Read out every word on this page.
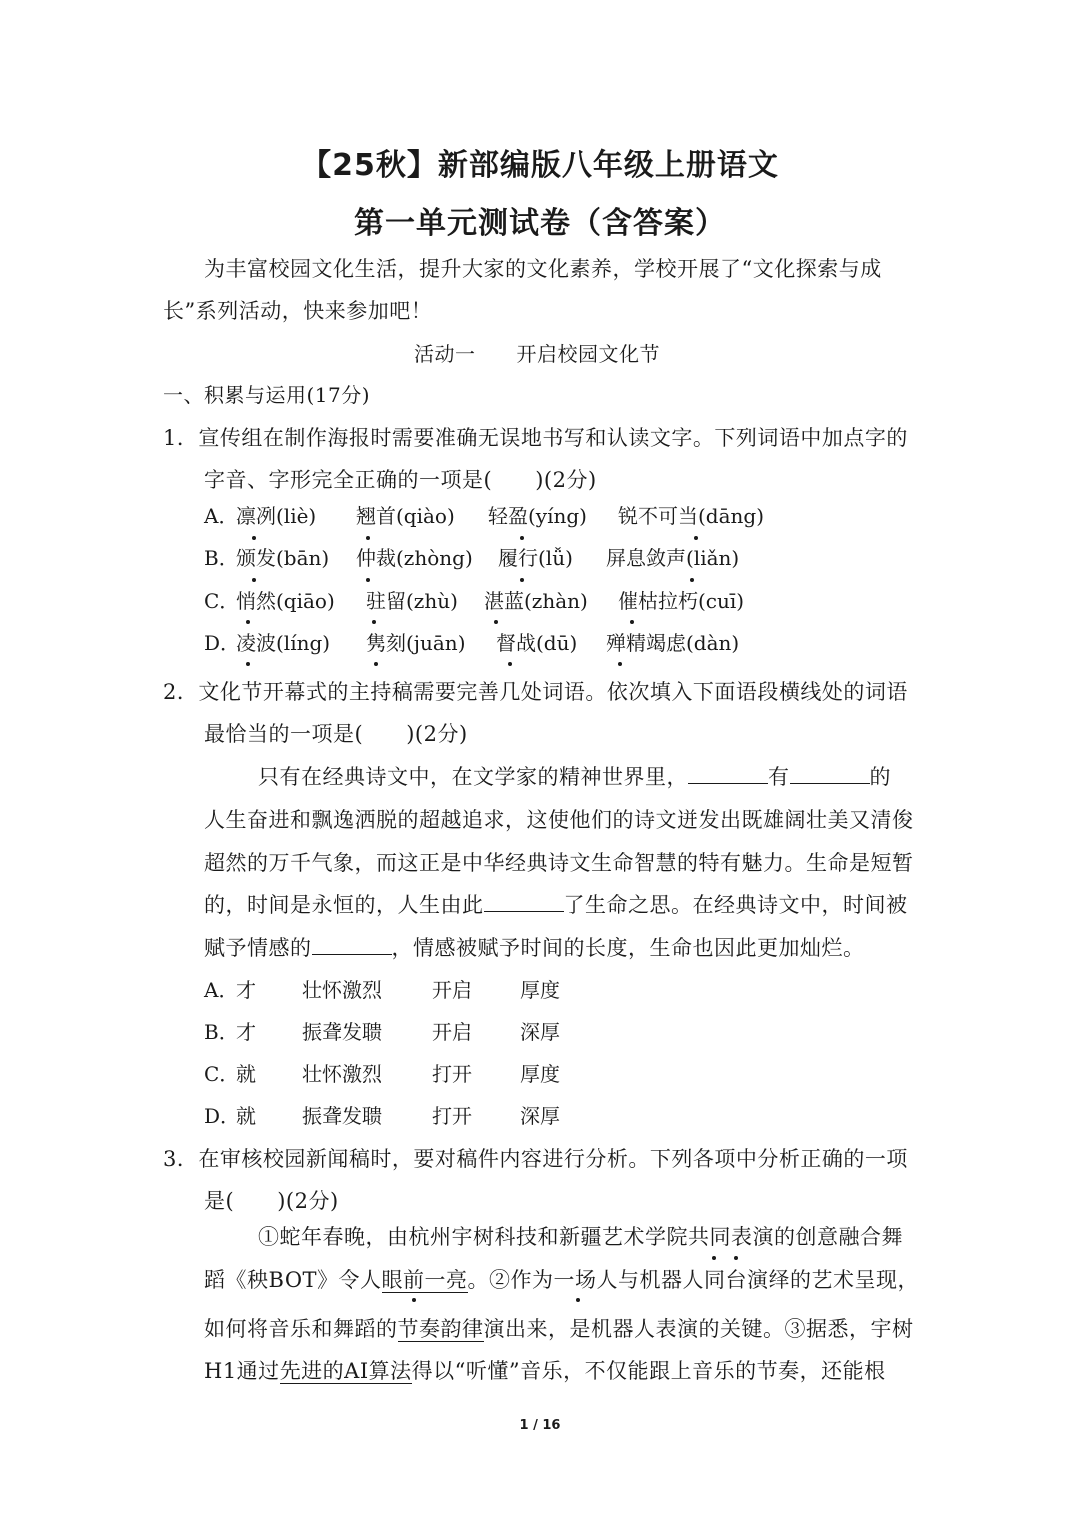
【25秋】新部编版八年级上册语文
第一单元测试卷（含答案）
为丰富校园文化生活，提升大家的文化素养，学校开展了“文化探索与成
长”系列活动，快来参加吧！
活动一　　开启校园文化节
一、积累与运用(17分)
1．宣传组在制作海报时需要准确无误地书写和认读文字。下列词语中加点字的
字音、字形完全正确的一项是(　　)(2分)
A．
凛冽(liè) 翘首(qiào) 轻盈(yíng) 锐不可当(dāng)
B．
颁发(bān) 仲裁(zhòng) 履行(lǚ) 屏息敛声(liǎn)
C．
悄然(qiāo) 驻留(zhù) 湛蓝(zhàn) 催枯拉朽(cuī)
D．
凌波(líng) 隽刻(juān) 督战(dū) 殚精竭虑(dàn)
2．文化节开幕式的主持稿需要完善几处词语。依次填入下面语段横线处的词语
最恰当的一项是(　　)(2分)
只有在经典诗文中，在文学家的精神世界里，	有	的
人生奋进和飘逸洒脱的超越追求，这使他们的诗文迸发出既雄阔壮美又清俊
超然的万千气象，而这正是中华经典诗文生命智慧的特有魅力。生命是短暂
的，时间是永恒的，人生由此	了生命之思。在经典诗文中，时间被
赋予情感的	，情感被赋予时间的长度，生命也因此更加灿烂。
A．
才 壮怀激烈	开启 厚度
B．
才 振聋发聩	开启 深厚
C．
就 壮怀激烈	打开 厚度
D．
就 振聋发聩	打开 深厚
3．在审核校园新闻稿时，要对稿件内容进行分析。下列各项中分析正确的一项
是(　　)(2分)
①蛇年春晚，由杭州宇树科技和新疆艺术学院共同表演的创意融合舞
蹈《秧BOT》令人眼前一亮。②作为一场人与机器人同台演绎的艺术呈现，
如何将音乐和舞蹈的节奏韵律演出来，是机器人表演的关键。③据悉，宇树
H1通过先进的AI算法得以“听懂”音乐，不仅能跟上音乐的节奏，还能根
1 / 16
